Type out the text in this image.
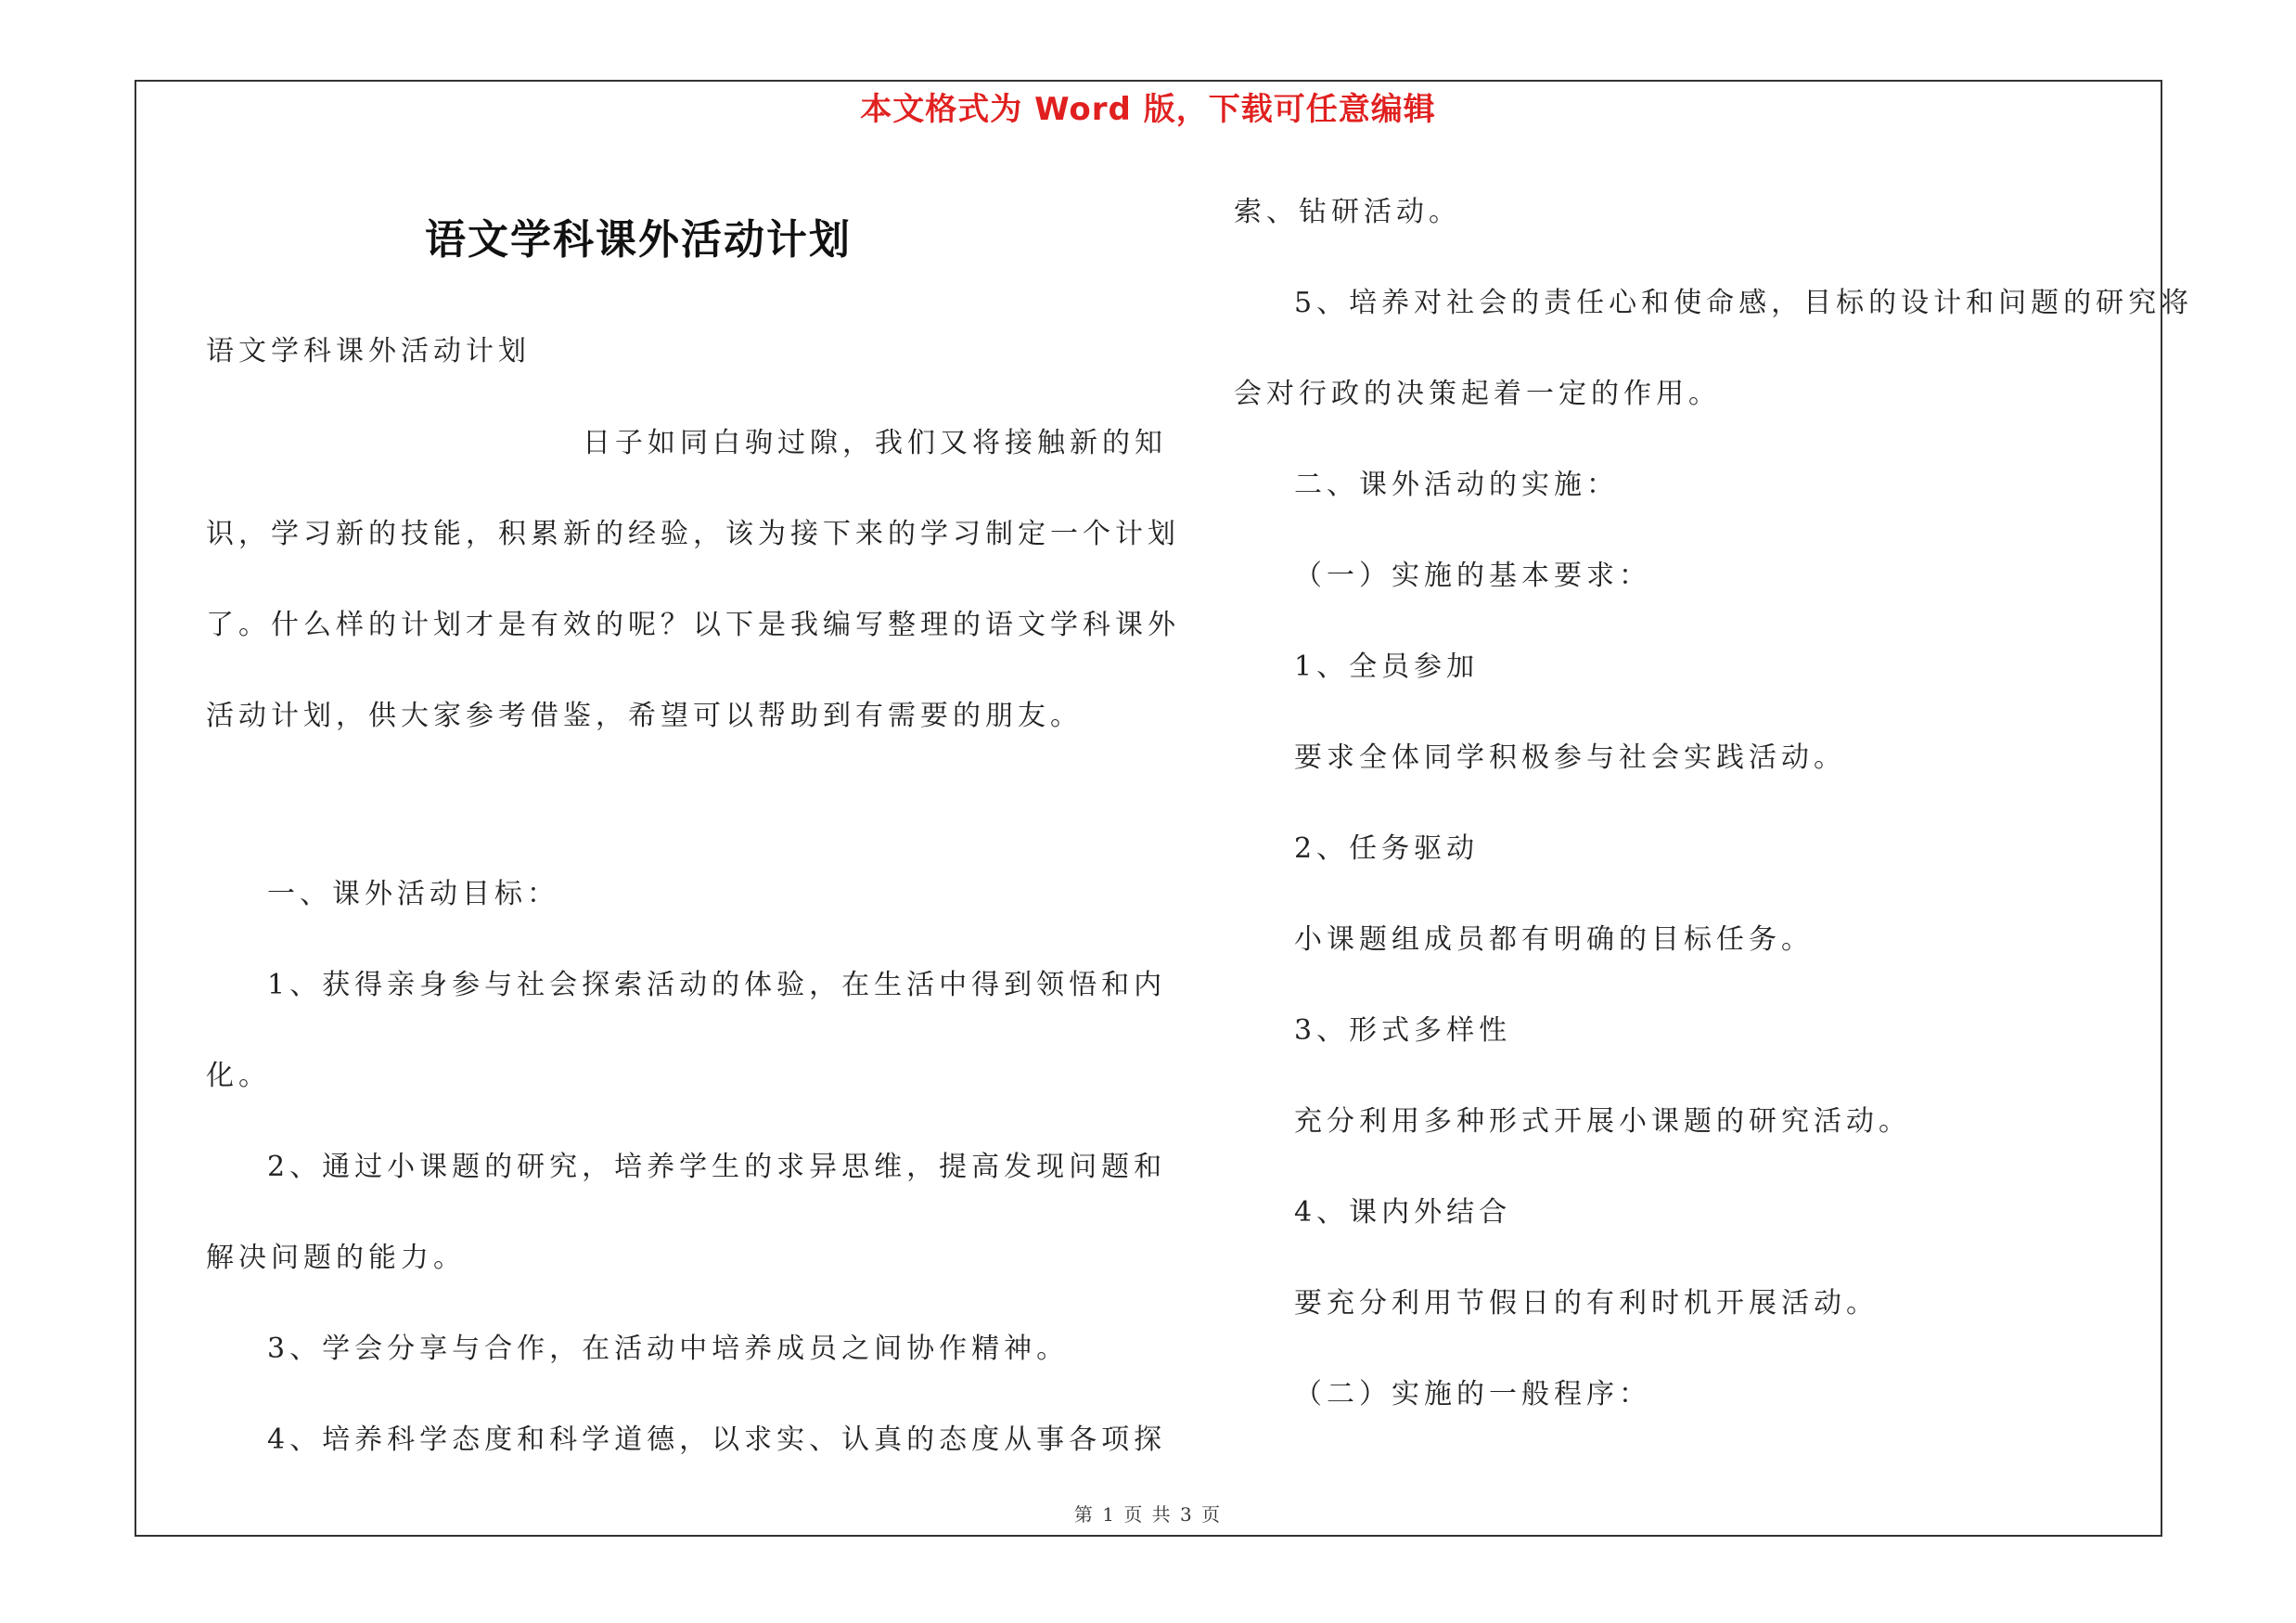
本文格式为 Word 版，下载可任意编辑
语文学科课外活动计划
语文学科课外活动计划
日子如同白驹过隙，我们又将接触新的知
识，学习新的技能，积累新的经验，该为接下来的学习制定一个计划
了。什么样的计划才是有效的呢？以下是我编写整理的语文学科课外
活动计划，供大家参考借鉴，希望可以帮助到有需要的朋友。
一、课外活动目标：
1、获得亲身参与社会探索活动的体验，在生活中得到领悟和内
化。
2、通过小课题的研究，培养学生的求异思维，提高发现问题和
解决问题的能力。
3、学会分享与合作，在活动中培养成员之间协作精神。
4、培养科学态度和科学道德，以求实、认真的态度从事各项探
索、钻研活动。
5、培养对社会的责任心和使命感，目标的设计和问题的研究将
会对行政的决策起着一定的作用。
二、课外活动的实施：
（一）实施的基本要求：
1、全员参加
要求全体同学积极参与社会实践活动。
2、任务驱动
小课题组成员都有明确的目标任务。
3、形式多样性
充分利用多种形式开展小课题的研究活动。
4、课内外结合
要充分利用节假日的有利时机开展活动。
（二）实施的一般程序：
第 1 页 共 3 页
